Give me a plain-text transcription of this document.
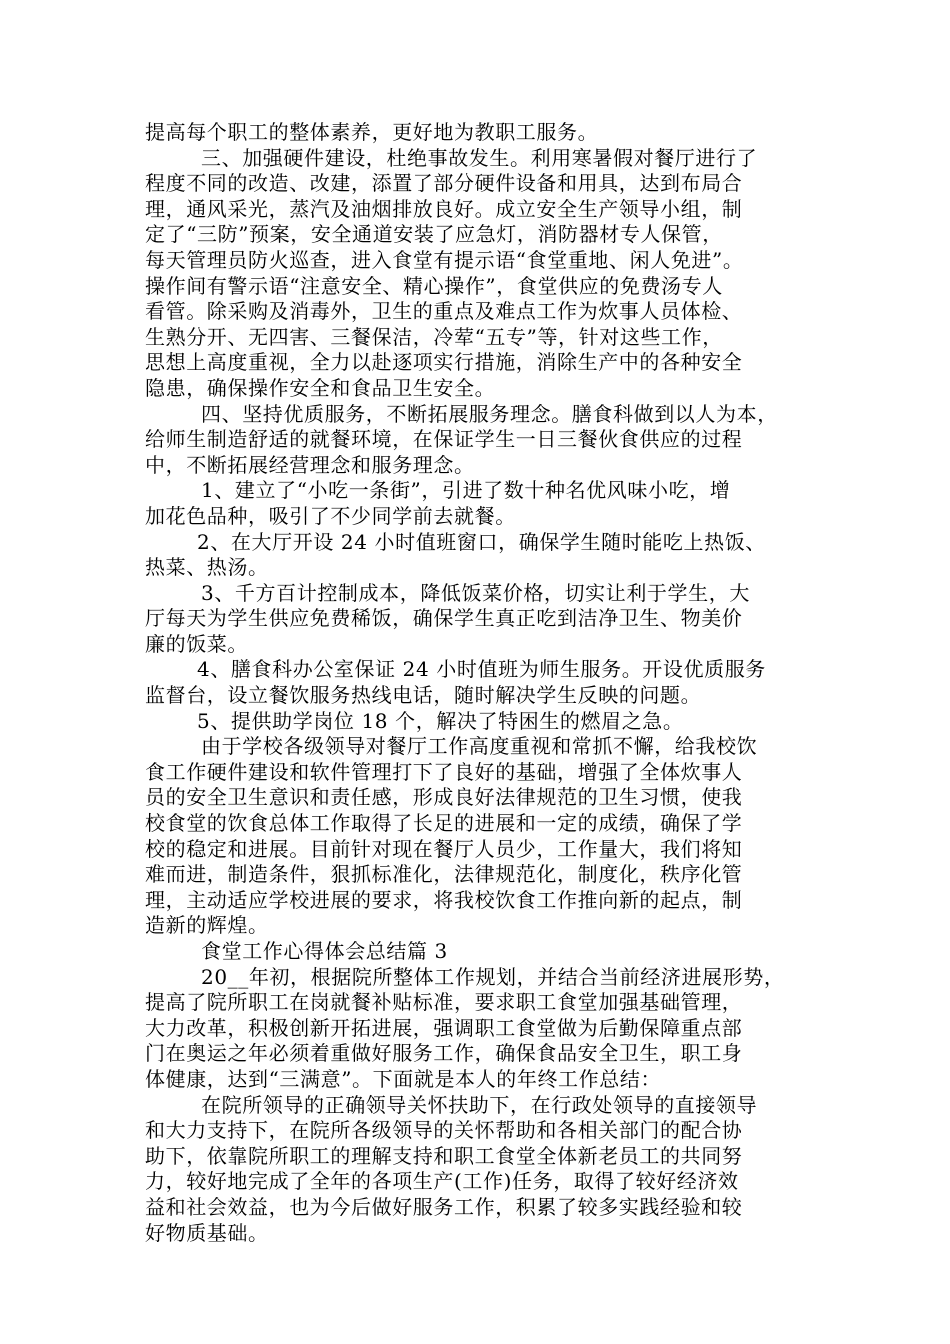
提高每个职工的整体素养，更好地为教职工服务。
三、加强硬件建设，杜绝事故发生。利用寒暑假对餐厅进行了
程度不同的改造、改建，添置了部分硬件设备和用具，达到布局合
理，通风采光，蒸汽及油烟排放良好。成立安全生产领导小组，制
定了“三防”预案，安全通道安装了应急灯，消防器材专人保管，
每天管理员防火巡查，进入食堂有提示语“食堂重地、闲人免进”。
操作间有警示语“注意安全、精心操作”，食堂供应的免费汤专人
看管。除采购及消毒外，卫生的重点及难点工作为炊事人员体检、
生熟分开、无四害、三餐保洁，冷荤“五专”等，针对这些工作，
思想上高度重视，全力以赴逐项实行措施，消除生产中的各种安全
隐患，确保操作安全和食品卫生安全。
四、坚持优质服务，不断拓展服务理念。膳食科做到以人为本，
给师生制造舒适的就餐环境，在保证学生一日三餐伙食供应的过程
中，不断拓展经营理念和服务理念。
1、建立了“小吃一条街”，引进了数十种名优风味小吃，增
加花色品种，吸引了不少同学前去就餐。
2、在大厅开设 24 小时值班窗口，确保学生随时能吃上热饭、
热菜、热汤。
3、千方百计控制成本，降低饭菜价格，切实让利于学生，大
厅每天为学生供应免费稀饭，确保学生真正吃到洁净卫生、物美价
廉的饭菜。
4、膳食科办公室保证 24 小时值班为师生服务。开设优质服务
监督台，设立餐饮服务热线电话，随时解决学生反映的问题。
5、提供助学岗位 18 个，解决了特困生的燃眉之急。
由于学校各级领导对餐厅工作高度重视和常抓不懈，给我校饮
食工作硬件建设和软件管理打下了良好的基础，增强了全体炊事人
员的安全卫生意识和责任感，形成良好法律规范的卫生习惯，使我
校食堂的饮食总体工作取得了长足的进展和一定的成绩，确保了学
校的稳定和进展。目前针对现在餐厅人员少，工作量大，我们将知
难而进，制造条件，狠抓标准化，法律规范化，制度化，秩序化管
理，主动适应学校进展的要求，将我校饮食工作推向新的起点，制
造新的辉煌。
食堂工作心得体会总结篇 3
20__年初，根据院所整体工作规划，并结合当前经济进展形势，
提高了院所职工在岗就餐补贴标准，要求职工食堂加强基础管理，
大力改革，积极创新开拓进展，强调职工食堂做为后勤保障重点部
门在奥运之年必须着重做好服务工作，确保食品安全卫生，职工身
体健康，达到“三满意”。下面就是本人的年终工作总结：
在院所领导的正确领导关怀扶助下，在行政处领导的直接领导
和大力支持下，在院所各级领导的关怀帮助和各相关部门的配合协
助下，依靠院所职工的理解支持和职工食堂全体新老员工的共同努
力，较好地完成了全年的各项生产(工作)任务，取得了较好经济效
益和社会效益，也为今后做好服务工作，积累了较多实践经验和较
好物质基础。
